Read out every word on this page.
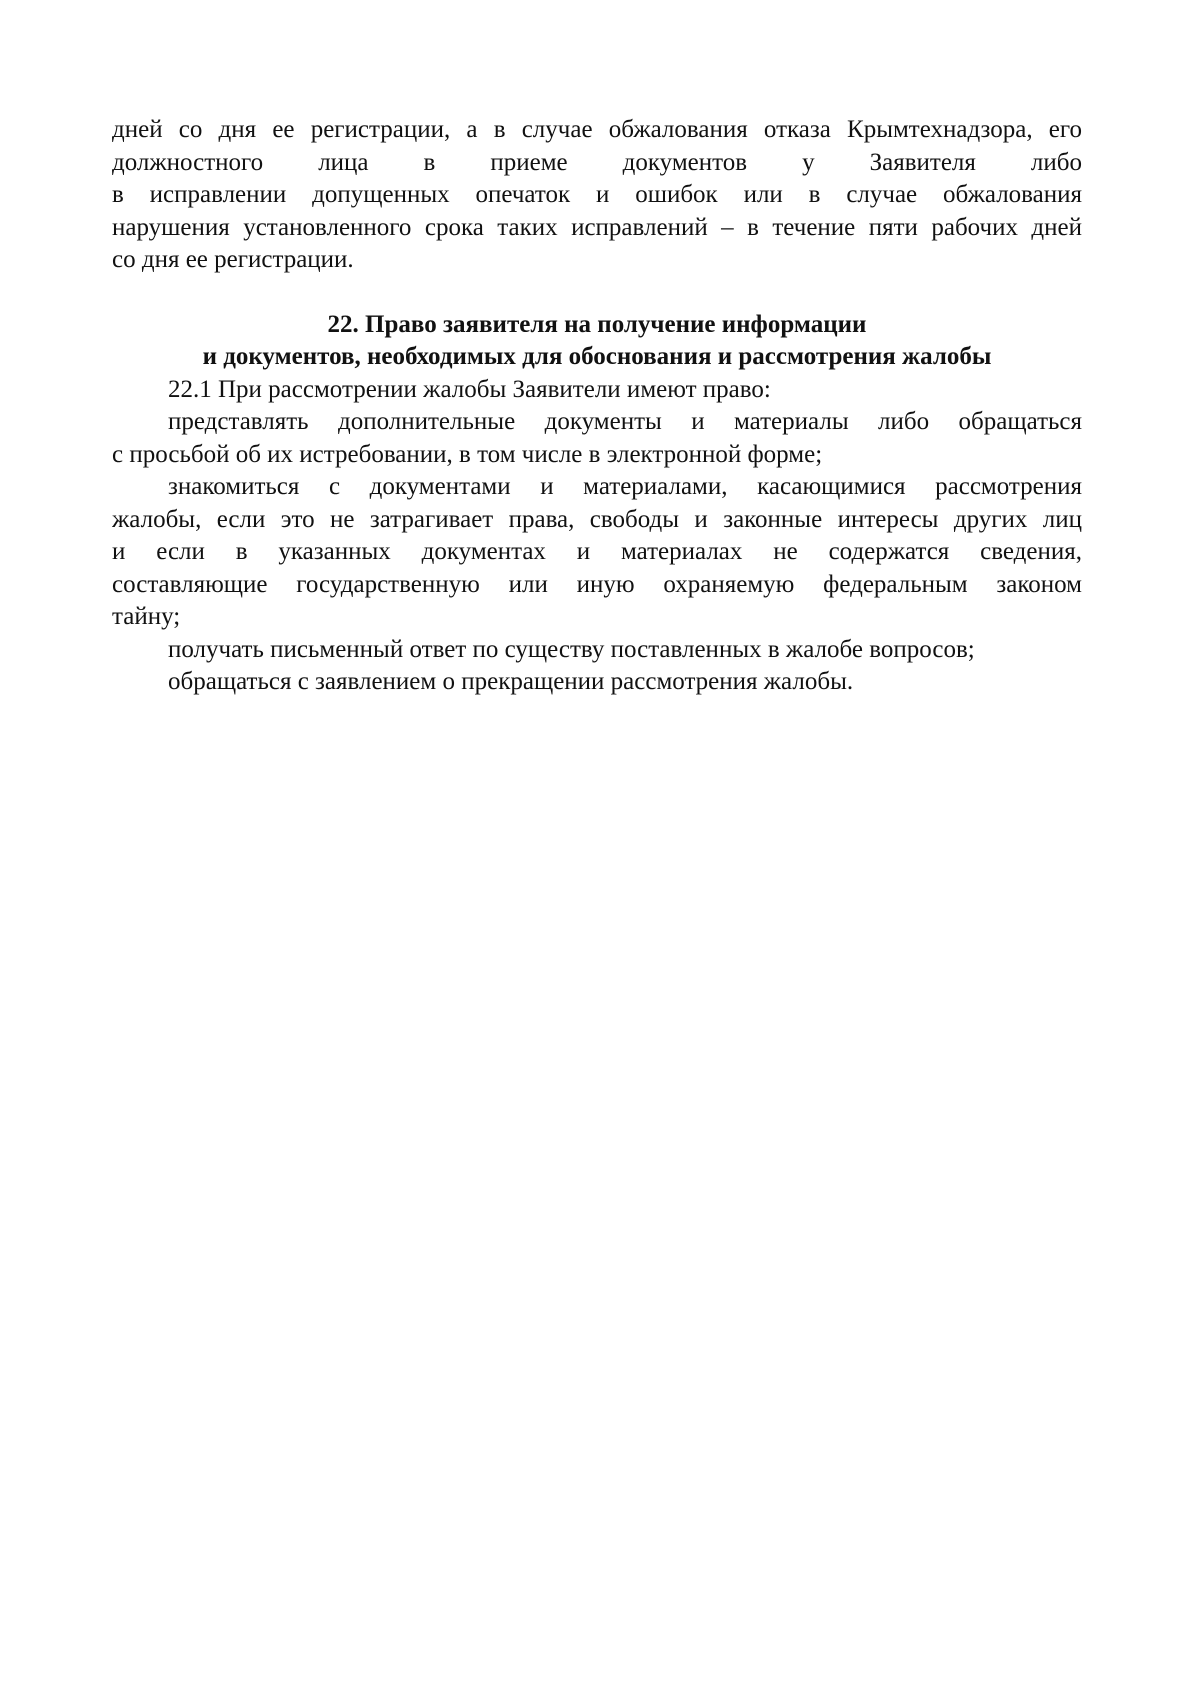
дней со дня ее регистрации, а в случае обжалования отказа Крымтехнадзора, его
должностного лица в приеме документов у Заявителя либо
в исправлении допущенных опечаток и ошибок или в случае обжалования
нарушения установленного срока таких исправлений – в течение пяти рабочих дней
со дня ее регистрации.
22. Право заявителя на получение информации
и документов, необходимых для обоснования и рассмотрения жалобы
22.1 При рассмотрении жалобы Заявители имеют право:
представлять дополнительные документы и материалы либо обращаться
с просьбой об их истребовании, в том числе в электронной форме;
знакомиться с документами и материалами, касающимися рассмотрения
жалобы, если это не затрагивает права, свободы и законные интересы других лиц
и если в указанных документах и материалах не содержатся сведения,
составляющие государственную или иную охраняемую федеральным законом
тайну;
получать письменный ответ по существу поставленных в жалобе вопросов;
обращаться с заявлением о прекращении рассмотрения жалобы.
